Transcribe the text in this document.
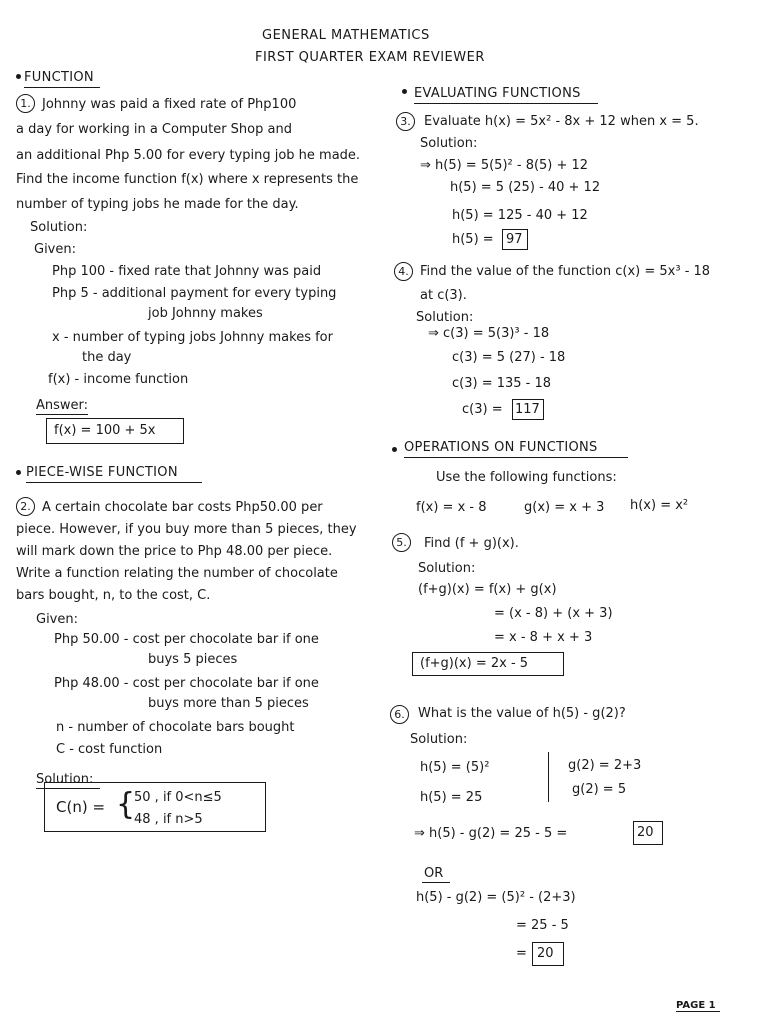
GENERAL MATHEMATICS
FIRST QUARTER EXAM REVIEWER
FUNCTION
1. Johnny was paid a fixed rate of Php100
a day for working in a Computer Shop and
an additional Php 5.00 for every typing job he made.
Find the income function f(x) where x represents the
number of typing jobs he made for the day.
Solution:
Given:
Php 100 - fixed rate that Johnny was paid
Php 5 - additional payment for every typing
job Johnny makes
x - number of typing jobs Johnny makes for
the day
f(x) - income function
Answer:
f(x) = 100 + 5x
PIECE-WISE FUNCTION
2. A certain chocolate bar costs Php50.00 per
piece. However, if you buy more than 5 pieces, they
will mark down the price to Php 48.00 per piece.
Write a function relating the number of chocolate
bars bought, n, to the cost, C.
Given:
Php 50.00 - cost per chocolate bar if one
buys 5 pieces
Php 48.00 - cost per chocolate bar if one
buys more than 5 pieces
n - number of chocolate bars bought
C - cost function
Solution:
C(n) = {
50 , if 0<n≤5
48 , if n>5
EVALUATING FUNCTIONS
3.	Evaluate h(x) = 5x² - 8x + 12 when x = 5.
Solution:
⇒ h(5) = 5(5)² - 8(5) + 12
h(5) = 5 (25) - 40 + 12
h(5) = 125 - 40 + 12
h(5) = 97
4. Find the value of the function c(x) = 5x³ - 18
at c(3).
Solution:
⇒ c(3) = 5(3)³ - 18
c(3) = 5 (27) - 18
c(3) = 135 - 18
c(3) = 117
OPERATIONS ON FUNCTIONS
Use the following functions:
f(x) = x - 8	g(x) = x + 3 h(x) = x²
5.	Find (f + g)(x).
Solution:
(f+g)(x) = f(x) + g(x)
= (x - 8) + (x + 3)
= x - 8 + x + 3
(f+g)(x) = 2x - 5
6.	What is the value of h(5) - g(2)?
Solution:
h(5) = (5)²
h(5) = 25
g(2) = 2+3
g(2) = 5
⇒ h(5) - g(2) = 25 - 5 =	20
OR
h(5) - g(2) = (5)² - (2+3)
= 25 - 5
= 20
PAGE 1
